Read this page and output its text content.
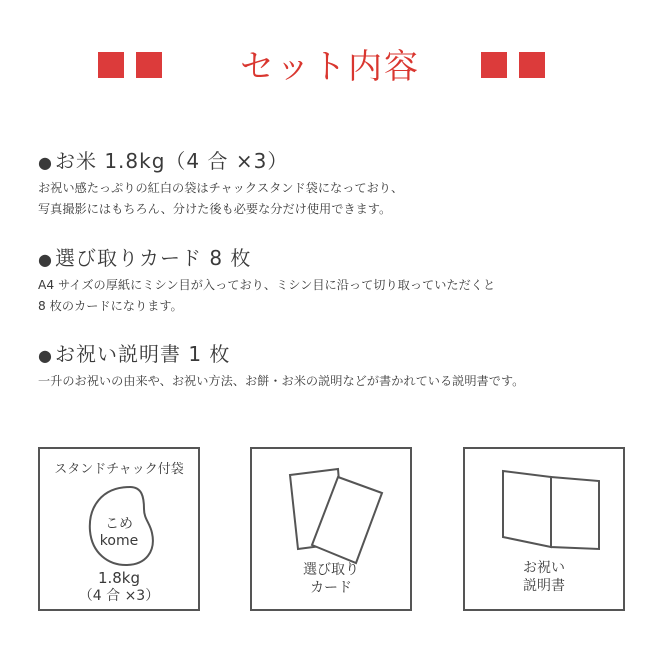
セット内容
● お米 1.8kg（4 合 ×3）
お祝い感たっぷりの紅白の袋はチャックスタンド袋になっており、
写真撮影にはもちろん、分けた後も必要な分だけ使用できます。
● 選び取りカード 8 枚
A4 サイズの厚紙にミシン目が入っており、ミシン目に沿って切り取っていただくと
8 枚のカードになります。
● お祝い説明書 1 枚
一升のお祝いの由来や、お祝い方法、お餅・お米の説明などが書かれている説明書です。
スタンドチャック付袋
こめ
kome
1.8kg
（4 合 ×3）
選び取り
カード
お祝い
説明書
